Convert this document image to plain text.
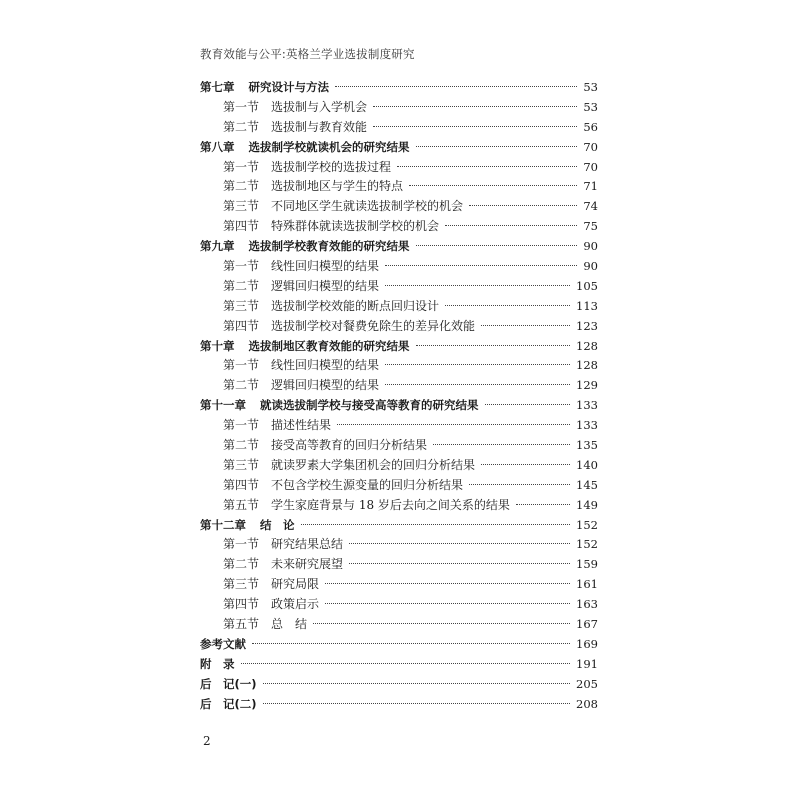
教育效能与公平:英格兰学业选拔制度研究
第七章 研究设计与方法	53
第一节 选拔制与入学机会	53
第二节 选拔制与教育效能	56
第八章 选拔制学校就读机会的研究结果	70
第一节 选拔制学校的选拔过程	70
第二节 选拔制地区与学生的特点	71
第三节 不同地区学生就读选拔制学校的机会	74
第四节 特殊群体就读选拔制学校的机会	75
第九章 选拔制学校教育效能的研究结果	90
第一节 线性回归模型的结果	90
第二节 逻辑回归模型的结果	105
第三节 选拔制学校效能的断点回归设计	113
第四节 选拔制学校对餐费免除生的差异化效能	123
第十章 选拔制地区教育效能的研究结果	128
第一节 线性回归模型的结果	128
第二节 逻辑回归模型的结果	129
第十一章 就读选拔制学校与接受高等教育的研究结果	133
第一节 描述性结果	133
第二节 接受高等教育的回归分析结果	135
第三节 就读罗素大学集团机会的回归分析结果	140
第四节 不包含学校生源变量的回归分析结果	145
第五节 学生家庭背景与 18 岁后去向之间关系的结果	149
第十二章 结　论	152
第一节 研究结果总结	152
第二节 未来研究展望	159
第三节 研究局限	161
第四节 政策启示	163
第五节 总　结	167
参考文献	169
附　录	191
后　记(一)	205
后　记(二)	208
2
